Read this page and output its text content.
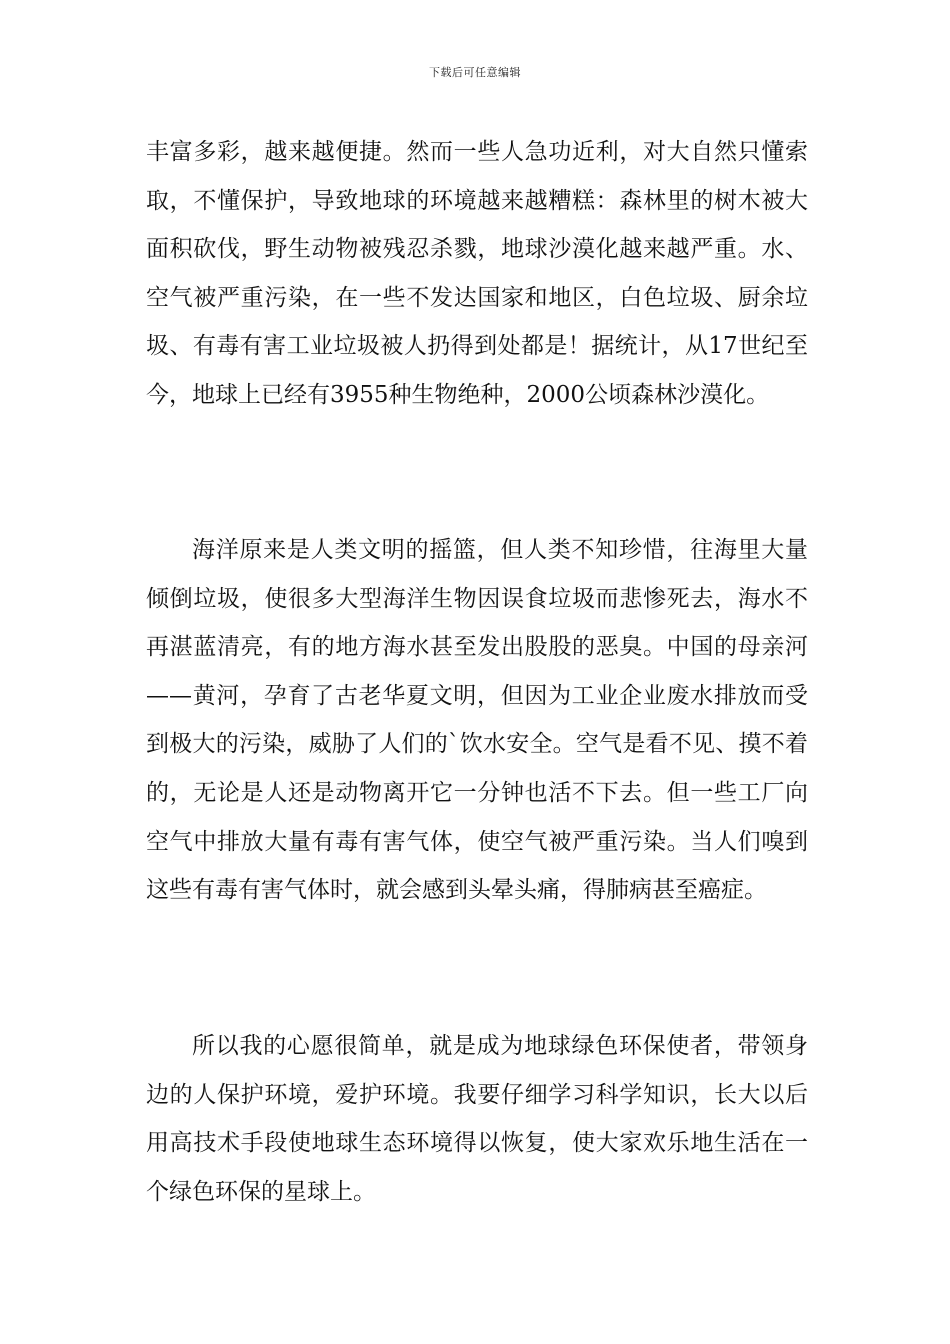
下载后可任意编辑

丰富多彩，越来越便捷。然而一些人急功近利，对大自然只懂索取，不懂保护，导致地球的环境越来越糟糕：森林里的树木被大面积砍伐，野生动物被残忍杀戮，地球沙漠化越来越严重。水、空气被严重污染，在一些不发达国家和地区，白色垃圾、厨余垃圾、有毒有害工业垃圾被人扔得到处都是！据统计，从17世纪至今，地球上已经有3955种生物绝种，2000公顷森林沙漠化。

海洋原来是人类文明的摇篮，但人类不知珍惜，往海里大量倾倒垃圾，使很多大型海洋生物因误食垃圾而悲惨死去，海水不再湛蓝清亮，有的地方海水甚至发出股股的恶臭。中国的母亲河——黄河，孕育了古老华夏文明，但因为工业企业废水排放而受到极大的污染，威胁了人们的`饮水安全。空气是看不见、摸不着的，无论是人还是动物离开它一分钟也活不下去。但一些工厂向空气中排放大量有毒有害气体，使空气被严重污染。当人们嗅到这些有毒有害气体时，就会感到头晕头痛，得肺病甚至癌症。

所以我的心愿很简单，就是成为地球绿色环保使者，带领身边的人保护环境，爱护环境。我要仔细学习科学知识，长大以后用高技术手段使地球生态环境得以恢复，使大家欢乐地生活在一个绿色环保的星球上。
